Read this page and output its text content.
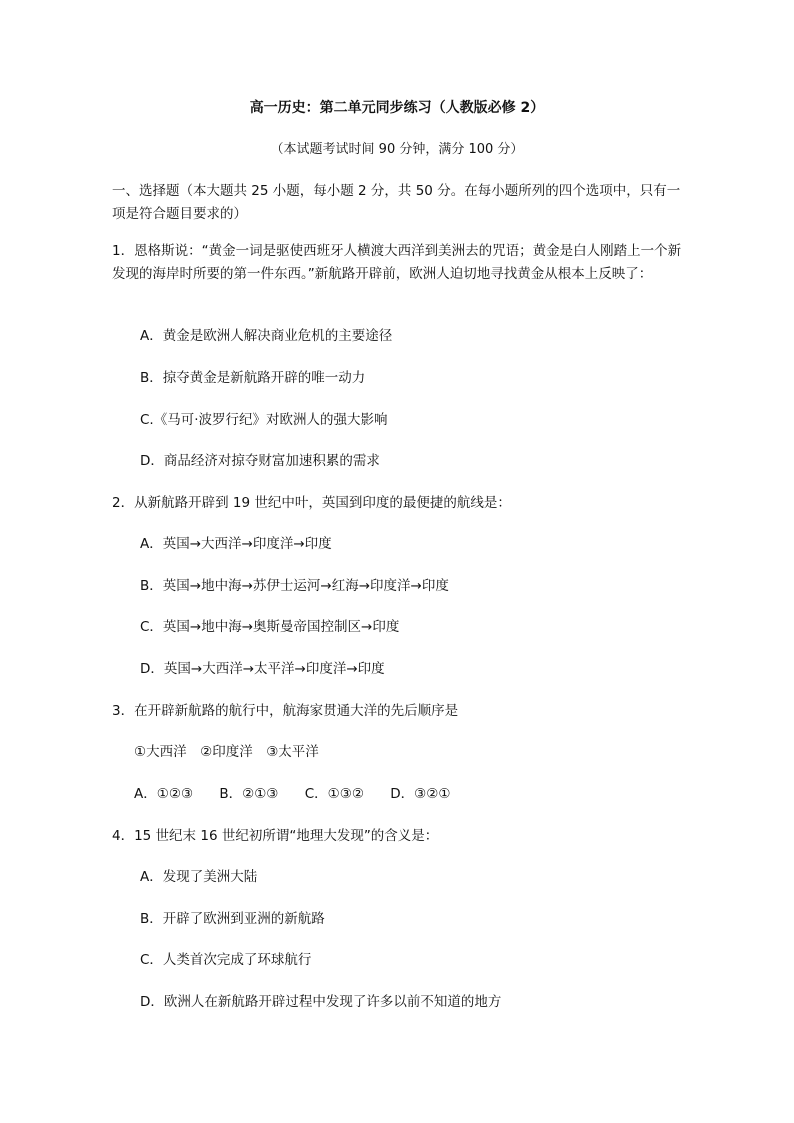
高一历史：第二单元同步练习（人教版必修 2）
（本试题考试时间 90 分钟，满分 100 分）
一、选择题（本大题共 25 小题，每小题 2 分，共 50 分。在每小题所列的四个选项中，只有一项是符合题目要求的）
1．恩格斯说：“黄金一词是驱使西班牙人横渡大西洋到美洲去的咒语；黄金是白人刚踏上一个新发现的海岸时所要的第一件东西。”新航路开辟前，欧洲人迫切地寻找黄金从根本上反映了：
A．黄金是欧洲人解决商业危机的主要途径
B．掠夺黄金是新航路开辟的唯一动力
C.《马可·波罗行纪》对欧洲人的强大影响
D．商品经济对掠夺财富加速积累的需求
2．从新航路开辟到 19 世纪中叶，英国到印度的最便捷的航线是：
A．英国→大西洋→印度洋→印度
B．英国→地中海→苏伊士运河→红海→印度洋→印度
C．英国→地中海→奥斯曼帝国控制区→印度
D．英国→大西洋→太平洋→印度洋→印度
3．在开辟新航路的航行中，航海家贯通大洋的先后顺序是
①大西洋　②印度洋　③太平洋
A．①②③ B．②①③ C．①③② D．③②①
4．15 世纪末 16 世纪初所谓“地理大发现”的含义是：
A．发现了美洲大陆
B．开辟了欧洲到亚洲的新航路
C．人类首次完成了环球航行
D．欧洲人在新航路开辟过程中发现了许多以前不知道的地方
